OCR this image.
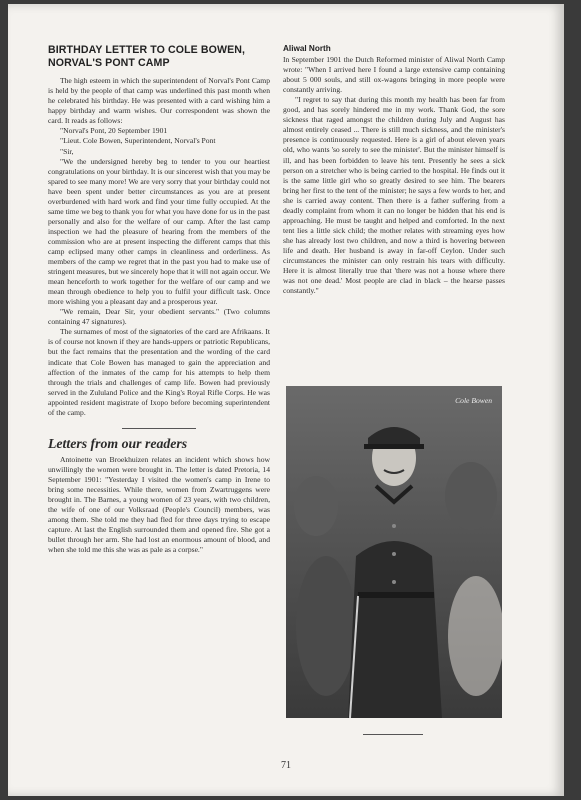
BIRTHDAY LETTER TO COLE BOWEN, NORVAL'S PONT CAMP

The high esteem in which the superintendent of Norval's Pont Camp is held by the people of that camp was underlined this past month when he celebrated his birthday. He was presented with a card wishing him a happy birthday and warm wishes. Our correspondent was shown the card. It reads as follows:

"Norval's Pont, 20 September 1901

"Lieut. Cole Bowen, Superintendent, Norval's Pont

"Sir,

"We the undersigned hereby beg to tender to you our heartiest congratulations on your birthday. It is our sincerest wish that you may be spared to see many more! We are very sorry that your birthday could not have been spent under better circumstances as you are at present overburdened with hard work and find your time fully occupied. At the same time we beg to thank you for what you have done for us in the past personally and also for the welfare of our camp. After the last camp inspection we had the pleasure of hearing from the members of the commission who are at present inspecting the different camps that this camp eclipsed many other camps in cleanliness and orderliness. As members of the camp we regret that in the past you had to make use of stringent measures, but we sincerely hope that it will not again occur. We mean henceforth to work together for the welfare of our camp and we mean through obedience to help you to fulfil your difficult task. Once more wishing you a pleasant day and a prosperous year.

"We remain, Dear Sir, your obedient servants." (Two columns containing 47 signatures).

The surnames of most of the signatories of the card are Afrikaans. It is of course not known if they are hands-uppers or patriotic Republicans, but the fact remains that the presentation and the wording of the card indicate that Cole Bowen has managed to gain the appreciation and affection of the inmates of the camp for his attempts to help them through the trials and challenges of camp life. Bowen had previously served in the Zululand Police and the King's Royal Rifle Corps. He was appointed resident magistrate of Ixopo before becoming superintendent of the camp.

Letters from our readers

Antoinette van Broekhuizen relates an incident which shows how unwillingly the women were brought in. The letter is dated Pretoria, 14 September 1901: "Yesterday I visited the women's camp in Irene to bring some necessities. While there, women from Zwartruggens were brought in. The Barnes, a young women of 23 years, with two children, the wife of one of our Volksraad (People's Council) members, was among them. She told me they had fled for three days trying to escape capture. At last the English surrounded them and opened fire. She got a bullet through her arm. She had lost an enormous amount of blood, and when she told me this she was as pale as a corpse."

Aliwal North

In September 1901 the Dutch Reformed minister of Aliwal North Camp wrote: "When I arrived here I found a large extensive camp containing about 5 000 souls, and still ox-wagons bringing in more people were constantly arriving.

"I regret to say that during this month my health has been far from good, and has sorely hindered me in my work. Thank God, the sore sickness that raged amongst the children during July and August has almost entirely ceased ... There is still much sickness, and the minister's presence is continuously requested. Here is a girl of about eleven years old, who wants 'so sorely to see the minister'. But the minister himself is ill, and has been forbidden to leave his tent. Presently he sees a sick person on a stretcher who is being carried to the hospital. He finds out it is the same little girl who so greatly desired to see him. The bearers bring her first to the tent of the minister; he says a few words to her, and she is carried away content. Then there is a father suffering from a deadly complaint from whom it can no longer be hidden that his end is approaching. He must be taught and helped and comforted. In the next tent lies a little sick child; the mother relates with streaming eyes how she has already lost two children, and now a third is hovering between life and death. Her husband is away in far-off Ceylon. Under such circumstances the minister can only restrain his tears with difficulty. Here it is almost literally true that 'there was not a house where there was not one dead.' Most people are clad in black – the hearse passes constantly."

Cole Bowen
71
